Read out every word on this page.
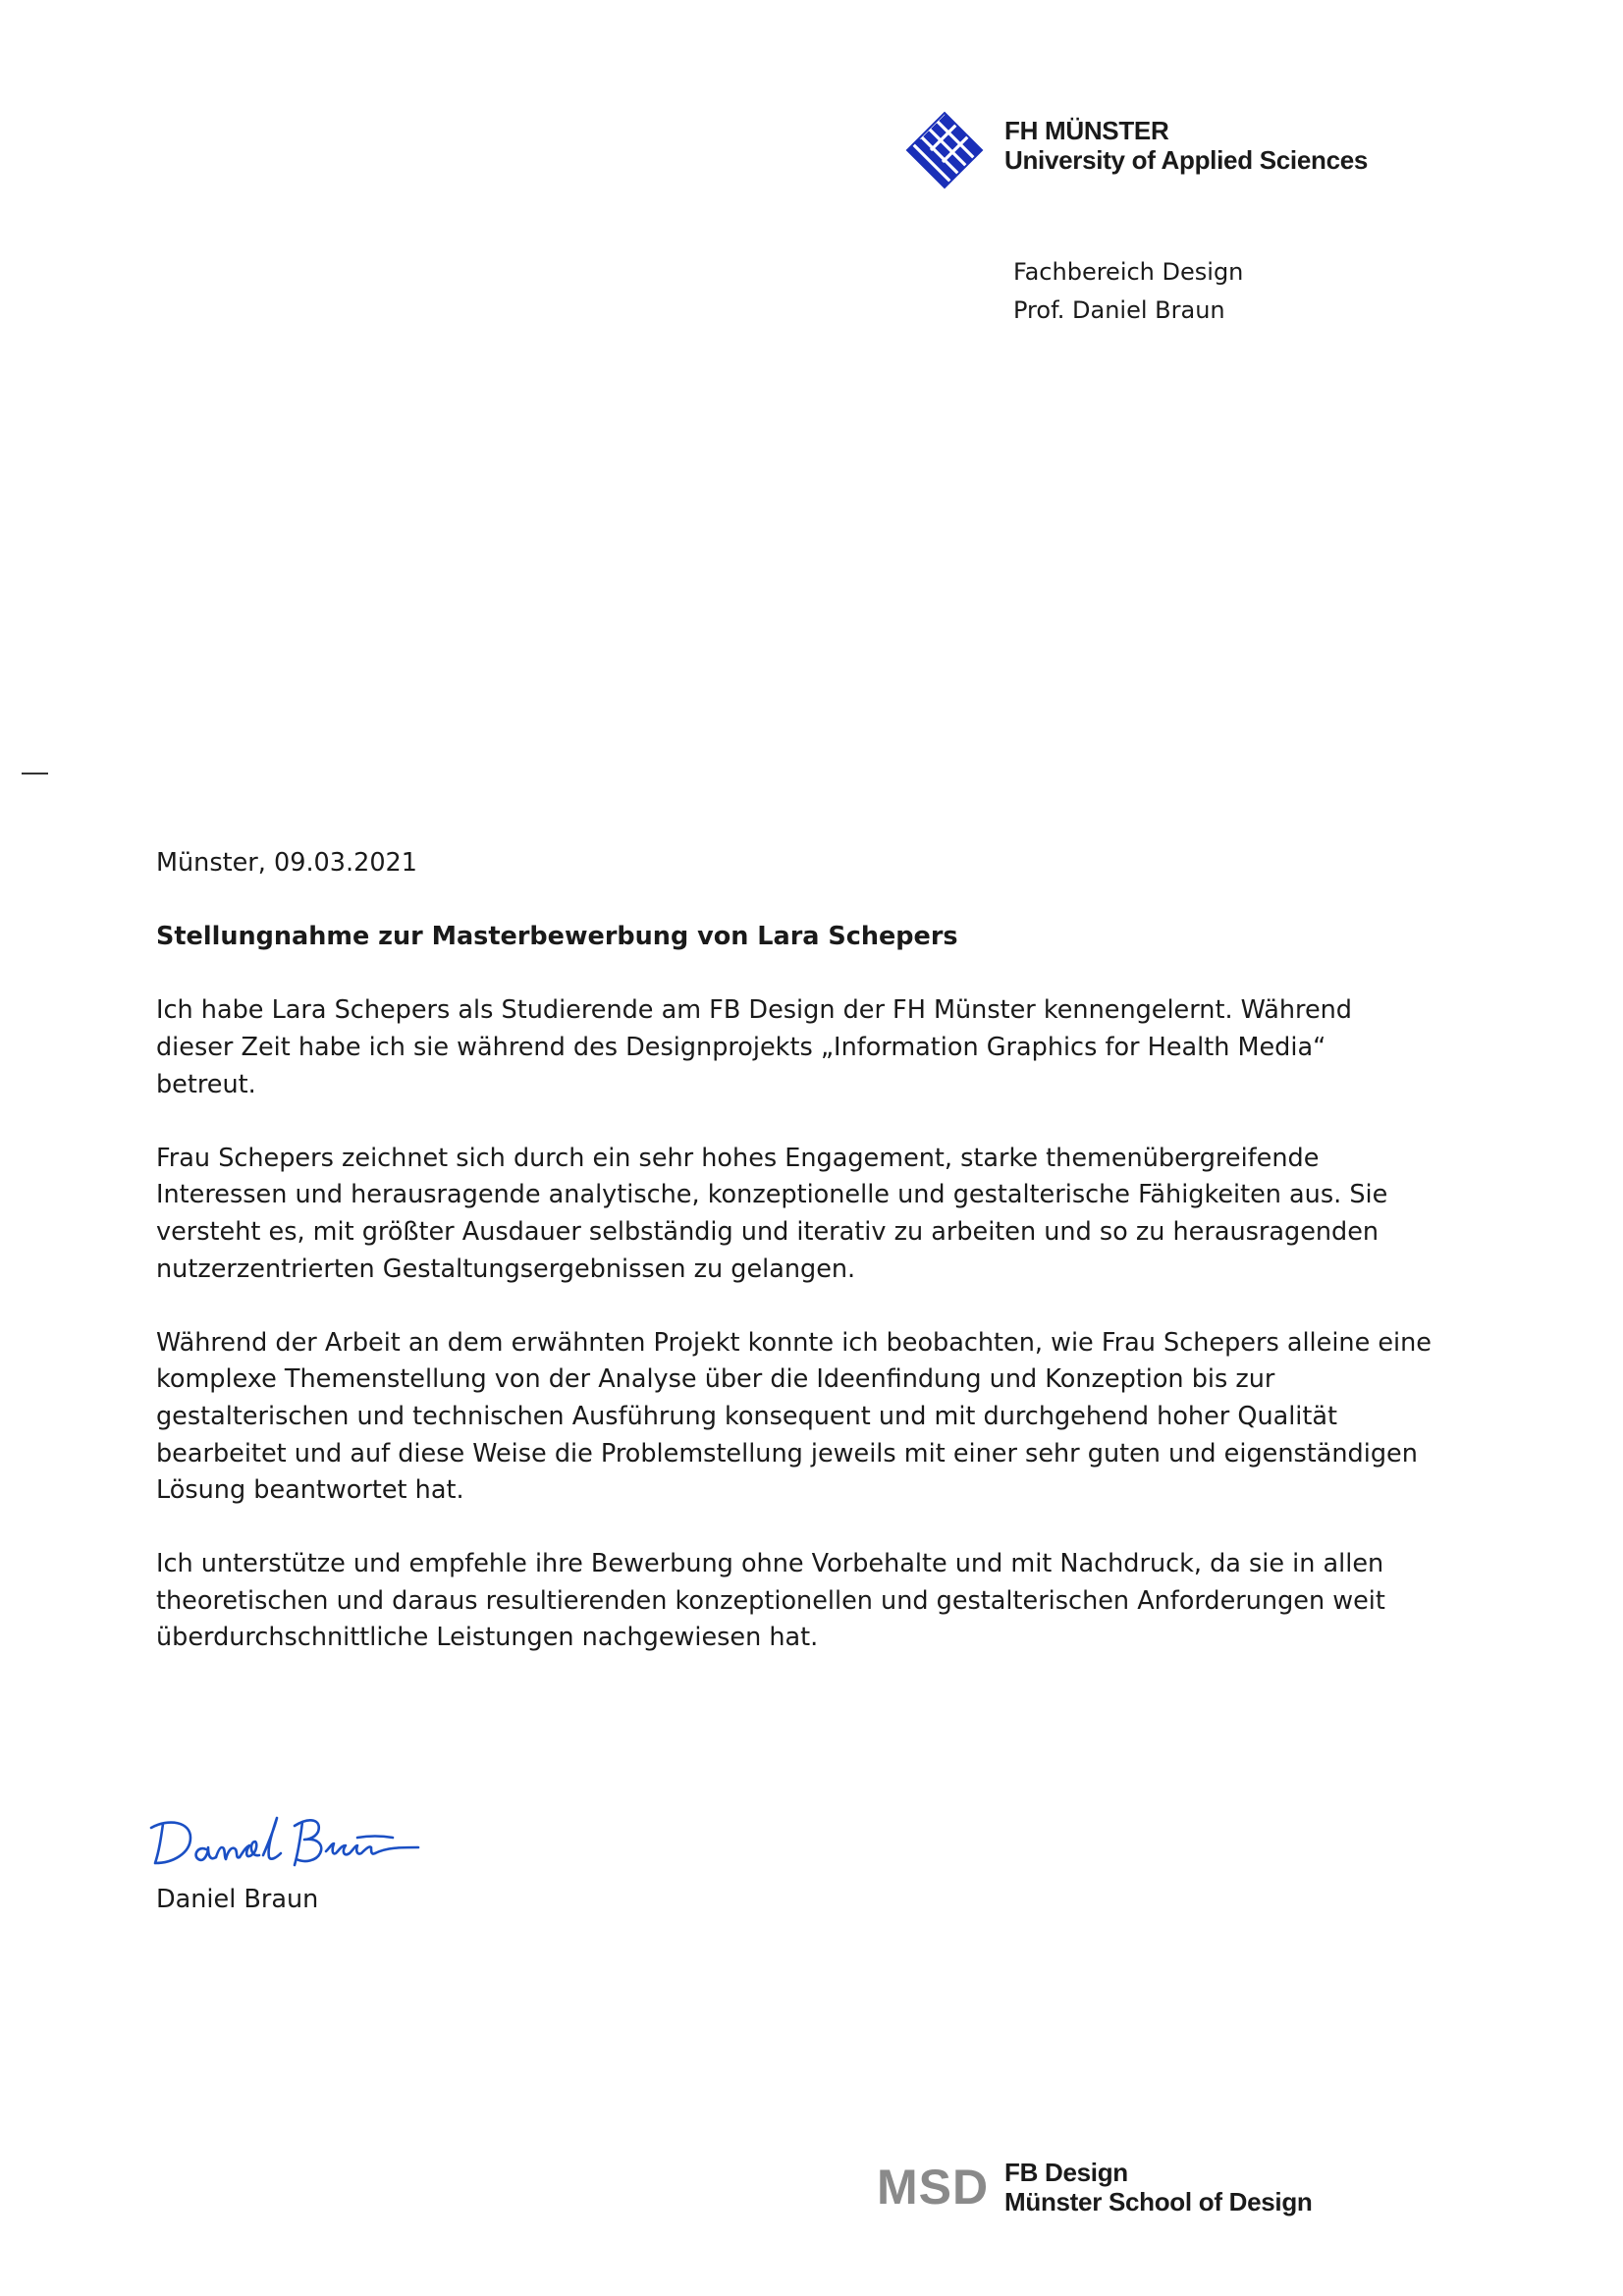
FH MÜNSTER
University of Applied Sciences
Fachbereich Design
Prof. Daniel Braun

Münster, 09.03.2021

Stellungnahme zur Masterbewerbung von Lara Schepers

Ich habe Lara Schepers als Studierende am FB Design der FH Münster kennengelernt. Während dieser Zeit habe ich sie während des Designprojekts „Information Graphics for Health Media“ betreut.

Frau Schepers zeichnet sich durch ein sehr hohes Engagement, starke themenübergreifende Interessen und herausragende analytische, konzeptionelle und gestalterische Fähigkeiten aus. Sie versteht es, mit größter Ausdauer selbständig und iterativ zu arbeiten und so zu herausragenden nutzerzentrierten Gestaltungsergebnissen zu gelangen.

Während der Arbeit an dem erwähnten Projekt konnte ich beobachten, wie Frau Schepers alleine eine komplexe Themenstellung von der Analyse über die Ideenfindung und Konzeption bis zur gestalterischen und technischen Ausführung konsequent und mit durchgehend hoher Qualität bearbeitet und auf diese Weise die Problemstellung jeweils mit einer sehr guten und eigenständigen Lösung beantwortet hat.

Ich unterstütze und empfehle ihre Bewerbung ohne Vorbehalte und mit Nachdruck, da sie in allen theoretischen und daraus resultierenden konzeptionellen und gestalterischen Anforderungen weit überdurchschnittliche Leistungen nachgewiesen hat.

Daniel Braun
MSD FB Design
Münster School of Design
